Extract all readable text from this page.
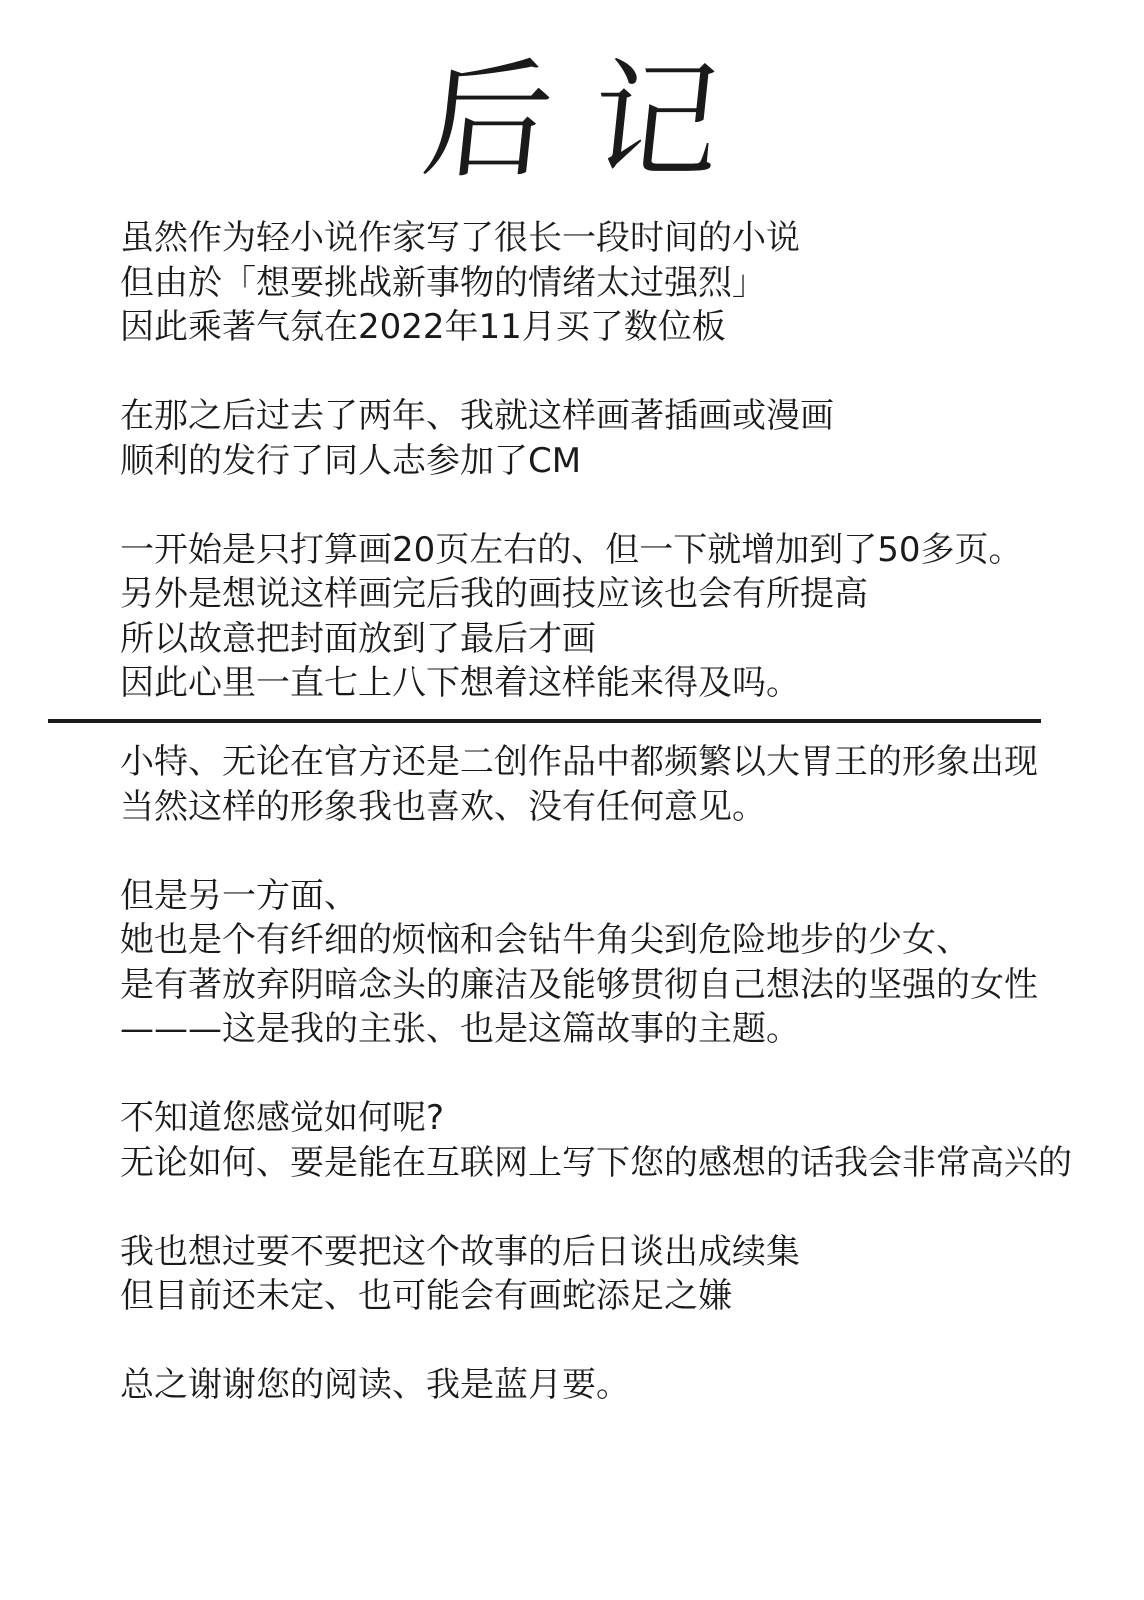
后记
虽然作为轻小说作家写了很长一段时间的小说
但由於「想要挑战新事物的情绪太过强烈」
因此乘著气氛在2022年11月买了数位板
在那之后过去了两年、我就这样画著插画或漫画
顺利的发行了同人志参加了CM
一开始是只打算画20页左右的、但一下就增加到了50多页。
另外是想说这样画完后我的画技应该也会有所提高
所以故意把封面放到了最后才画
因此心里一直七上八下想着这样能来得及吗。
小特、无论在官方还是二创作品中都频繁以大胃王的形象出现
当然这样的形象我也喜欢、没有任何意见。
但是另一方面、
她也是个有纤细的烦恼和会钻牛角尖到危险地步的少女、
是有著放弃阴暗念头的廉洁及能够贯彻自己想法的坚强的女性
———这是我的主张、也是这篇故事的主题。
不知道您感觉如何呢?
无论如何、要是能在互联网上写下您的感想的话我会非常高兴的
我也想过要不要把这个故事的后日谈出成续集
但目前还未定、也可能会有画蛇添足之嫌
总之谢谢您的阅读、我是蓝月要。
